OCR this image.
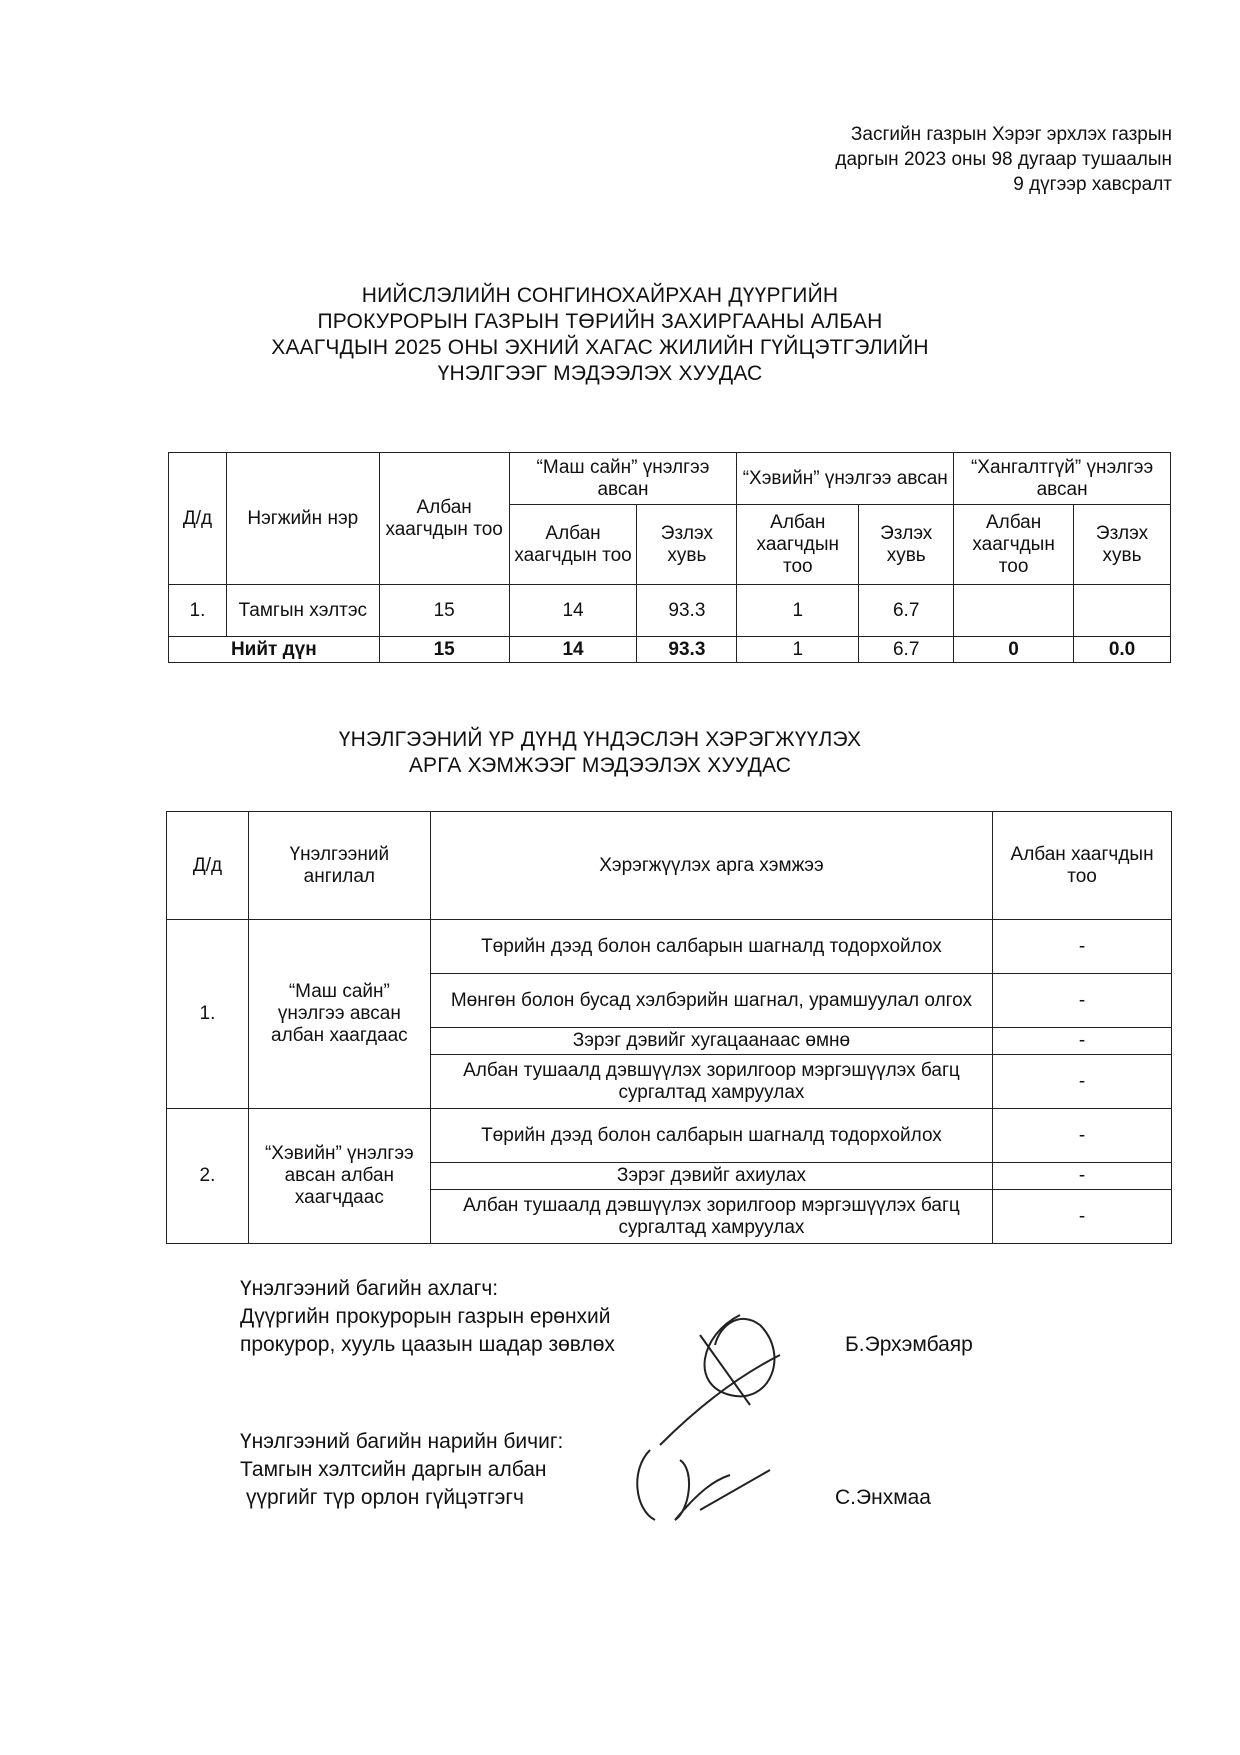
Засгийн газрын Хэрэг эрхлэх газрын
даргын 2023 оны 98 дугаар тушаалын
9 дүгээр хавсралт
НИЙСЛЭЛИЙН СОНГИНОХАЙРХАН ДҮҮРГИЙН
ПРОКУРОРЫН ГАЗРЫН ТӨРИЙН ЗАХИРГААНЫ АЛБАН
ХААГЧДЫН 2025 ОНЫ ЭХНИЙ ХАГАС ЖИЛИЙН ГҮЙЦЭТГЭЛИЙН
ҮНЭЛГЭЭГ МЭДЭЭЛЭХ ХУУДАС
Д/д	Нэгжийн нэр	Албан хаагчдын тоо	“Маш сайн” үнэлгээ авсан		“Хэвийн” үнэлгээ авсан		“Хангалтгүй” үнэлгээ авсан	
			Албан хаагчдын тоо	Эзлэх хувь	Албан хаагчдын тоо	Эзлэх хувь	Албан хаагчдын тоо	Эзлэх хувь
1.	Тамгын хэлтэс	15	14	93.3	1	6.7		
Нийт дүн		15	14	93.3	1	6.7	0	0.0
ҮНЭЛГЭЭНИЙ ҮР ДҮНД ҮНДЭСЛЭН ХЭРЭГЖҮҮЛЭХ
АРГА ХЭМЖЭЭГ МЭДЭЭЛЭХ ХУУДАС
Д/д	Үнэлгээний ангилал	Хэрэгжүүлэх арга хэмжээ	Албан хаагчдын тоо
1.	“Маш сайн” үнэлгээ авсан албан хаагдаас	Төрийн дээд болон салбарын шагналд тодорхойлох	-
		Мөнгөн болон бусад хэлбэрийн шагнал, урамшуулал олгох	-
		Зэрэг дэвийг хугацаанаас өмнө	-
		Албан тушаалд дэвшүүлэх зорилгоор мэргэшүүлэх багц сургалтад хамруулах	-
2.	“Хэвийн” үнэлгээ авсан албан хаагчдаас	Төрийн дээд болон салбарын шагналд тодорхойлох	-
		Зэрэг дэвийг ахиулах	-
		Албан тушаалд дэвшүүлэх зорилгоор мэргэшүүлэх багц сургалтад хамруулах	-
Үнэлгээний багийн ахлагч:
Дүүргийн прокурорын газрын ерөнхий
прокурор, хууль цаазын шадар зөвлөх	Б.Эрхэмбаяр
Үнэлгээний багийн нарийн бичиг:
Тамгын хэлтсийн даргын албан
үүргийг түр орлон гүйцэтгэгч	С.Энхмаа
